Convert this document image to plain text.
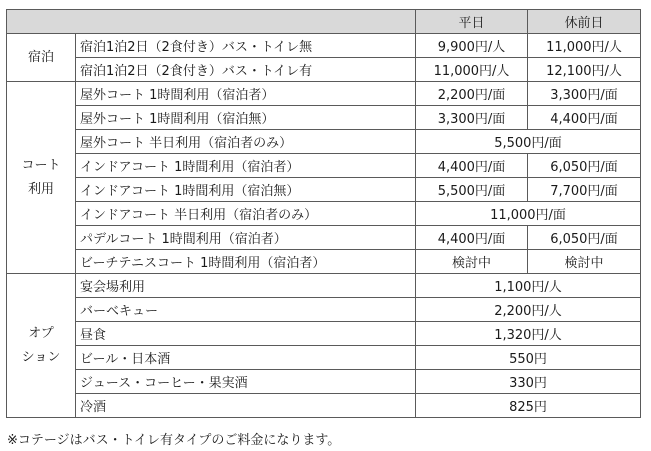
		平日	休前日

宿泊	宿泊1泊2日（2食付き）バス・トイレ無	9,900円/人	11,000円/人
	宿泊1泊2日（2食付き）バス・トイレ有	11,000円/人	12,100円/人

コート
利用	屋外コート 1時間利用（宿泊者）	2,200円/面	3,300円/面
	屋外コート 1時間利用（宿泊無）	3,300円/面	4,400円/面
	屋外コート 半日利用（宿泊者のみ）	5,500円/面	
	インドアコート 1時間利用（宿泊者）	4,400円/面	6,050円/面
	インドアコート 1時間利用（宿泊無）	5,500円/面	7,700円/面
	インドアコート 半日利用（宿泊者のみ）	11,000円/面	
	パデルコート 1時間利用（宿泊者）	4,400円/面	6,050円/面
	ビーチテニスコート 1時間利用（宿泊者）	検討中	検討中

オプ
ション	宴会場利用	1,100円/人	
	バーベキュー	2,200円/人	
	昼食	1,320円/人	
	ビール・日本酒	550円	
	ジュース・コーヒー・果実酒	330円	
	冷酒	825円	
※コテージはバス・トイレ有タイプのご料金になります。
